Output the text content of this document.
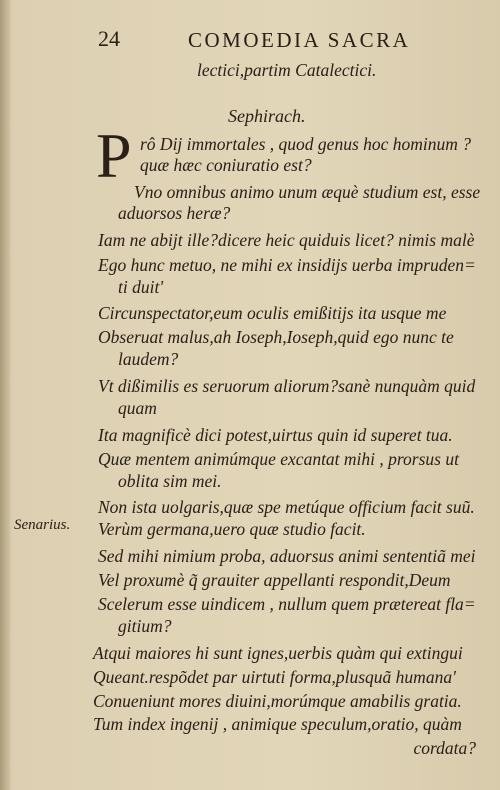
24	COMOEDIA SACRA
lectici,partim Catalectici.
Sephirach.
P
Senarius.
rô Dij immortales , quod genus hoc hominum ?
quæ hæc coniuratio est?
Vno omnibus animo unum æquè studium est, esse
aduorsos heræ?
Iam ne abijt ille?dicere heic quiduis licet? nimis malè
Ego hunc metuo, ne mihi ex insidijs uerba impruden=
ti duit'
Circunspectator,eum oculis emißitijs ita usque me
Obseruat malus,ah Ioseph,Ioseph,quid ego nunc te
laudem?
Vt dißimilis es seruorum aliorum?sanè nunquàm quid
quam
Ita magnificè dici potest,uirtus quin id superet tua.
Quæ mentem animúmque excantat mihi , prorsus ut
oblita sim mei.
Non ista uolgaris,quæ spe metúque officium facit suũ.
Verùm germana,uero quæ studio facit.
Sed mihi nimium proba, aduorsus animi sententiã mei
Vel proxumè q̃ grauiter appellanti respondit,Deum
Scelerum esse uindicem , nullum quem prætereat fla=
gitium?
Atqui maiores hi sunt ignes,uerbis quàm qui extingui
Queant.respõdet par uirtuti forma,plusquã humana'
Conueniunt mores diuini,morúmque amabilis gratia.
Tum index ingenij , animique speculum,oratio, quàm
cordata?
